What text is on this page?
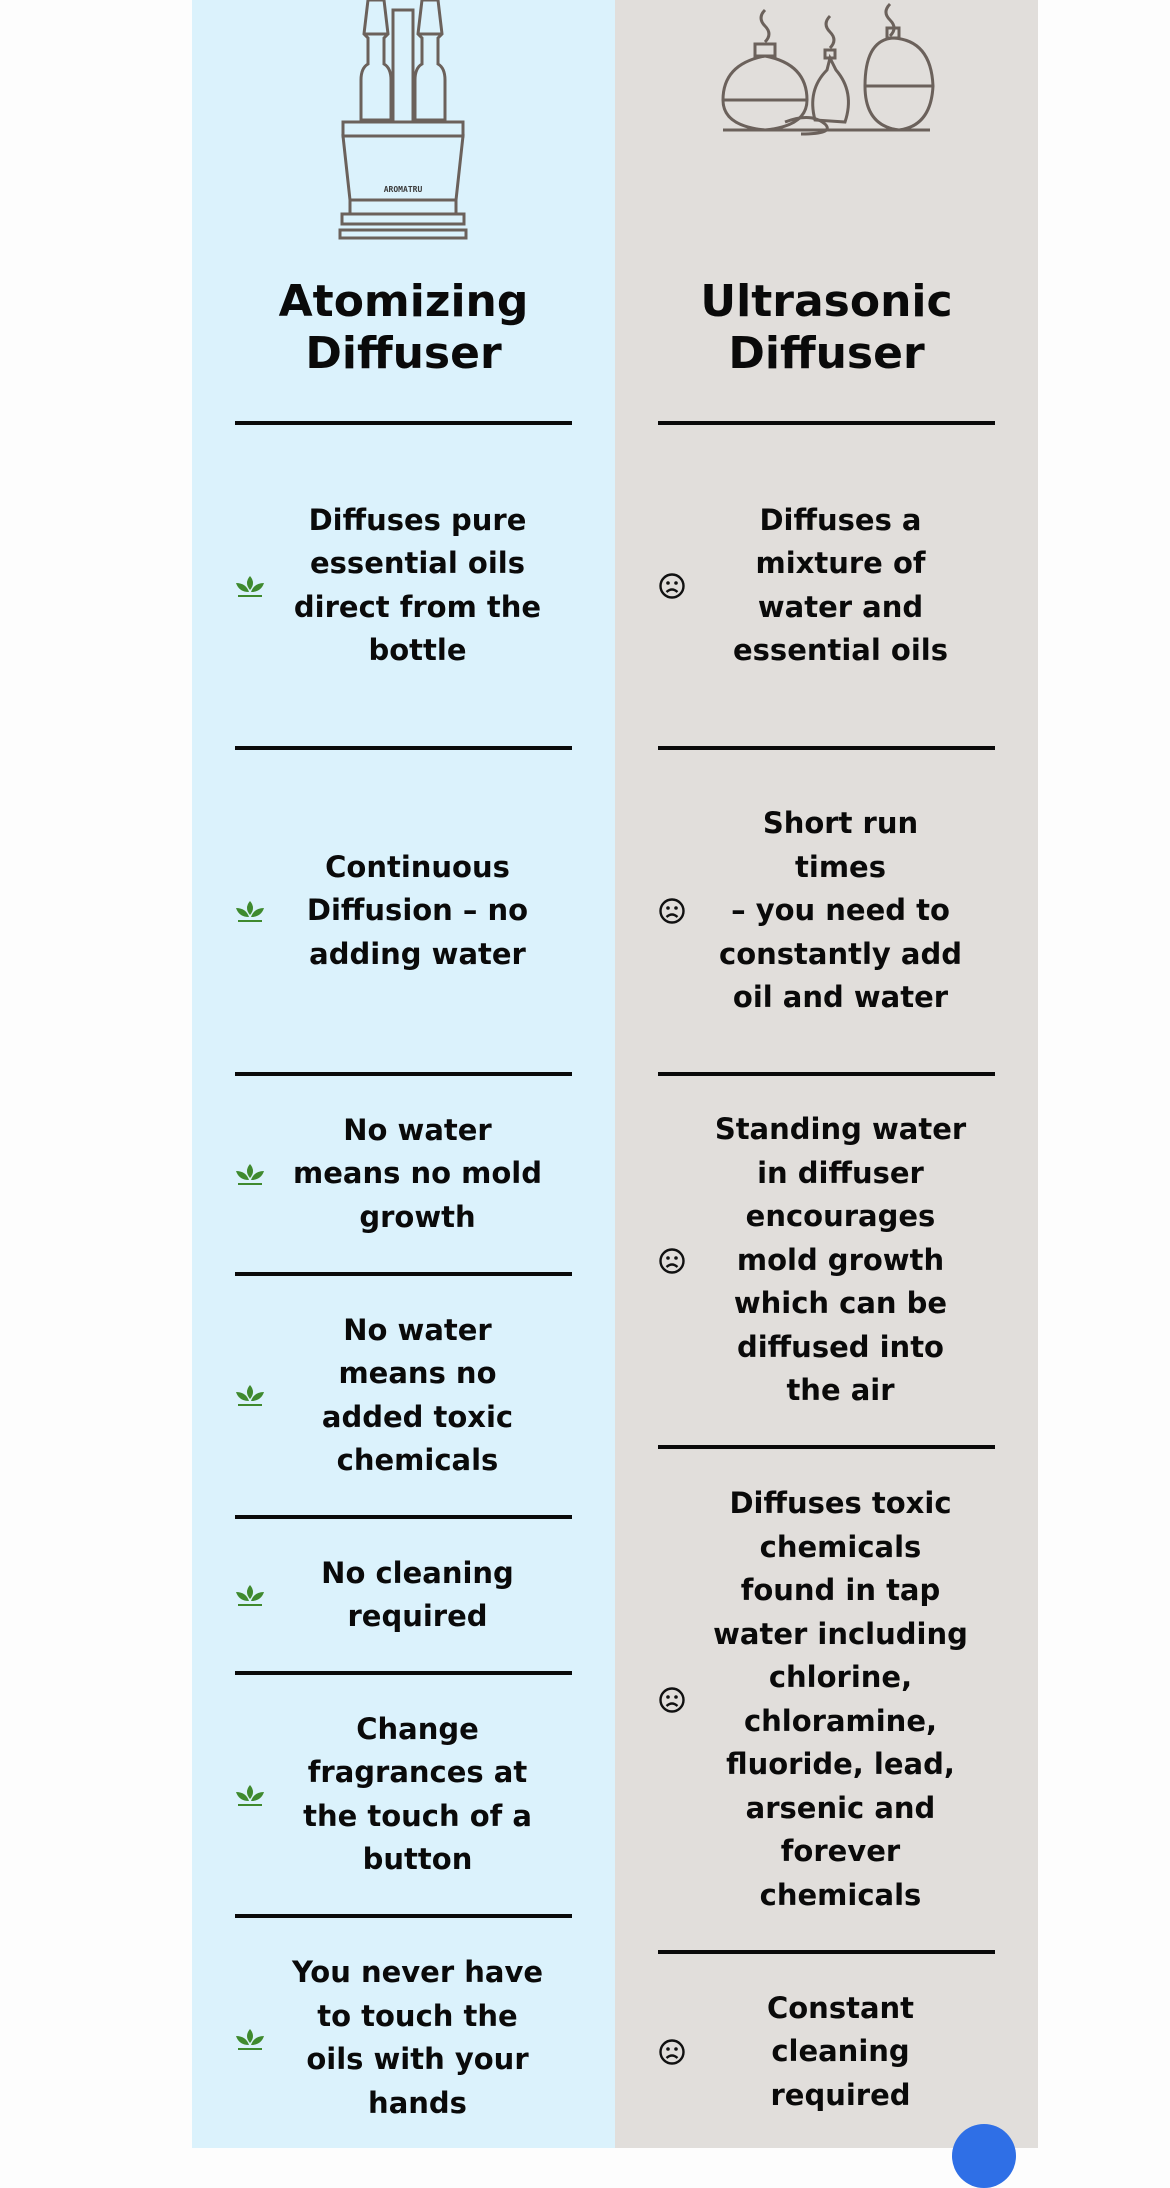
AROMATRU
Atomizing
Diffuser
Ultrasonic
Diffuser
Diffuses pure
essential oils
direct from the
bottle
Continuous
Diffusion – no
adding water
No water
means no mold
growth
No water
means no
added toxic
chemicals
No cleaning
required
Change
fragrances at
the touch of a
button
You never have
to touch the
oils with your
hands
Diffuses a
mixture of
water and
essential oils
Short run times
– you need to
constantly add
oil and water
Standing water
in diffuser
encourages
mold growth
which can be
diffused into
the air
Diffuses toxic
chemicals
found in tap
water including
chlorine,
chloramine,
fluoride, lead,
arsenic and
forever
chemicals
Constant
cleaning
required
